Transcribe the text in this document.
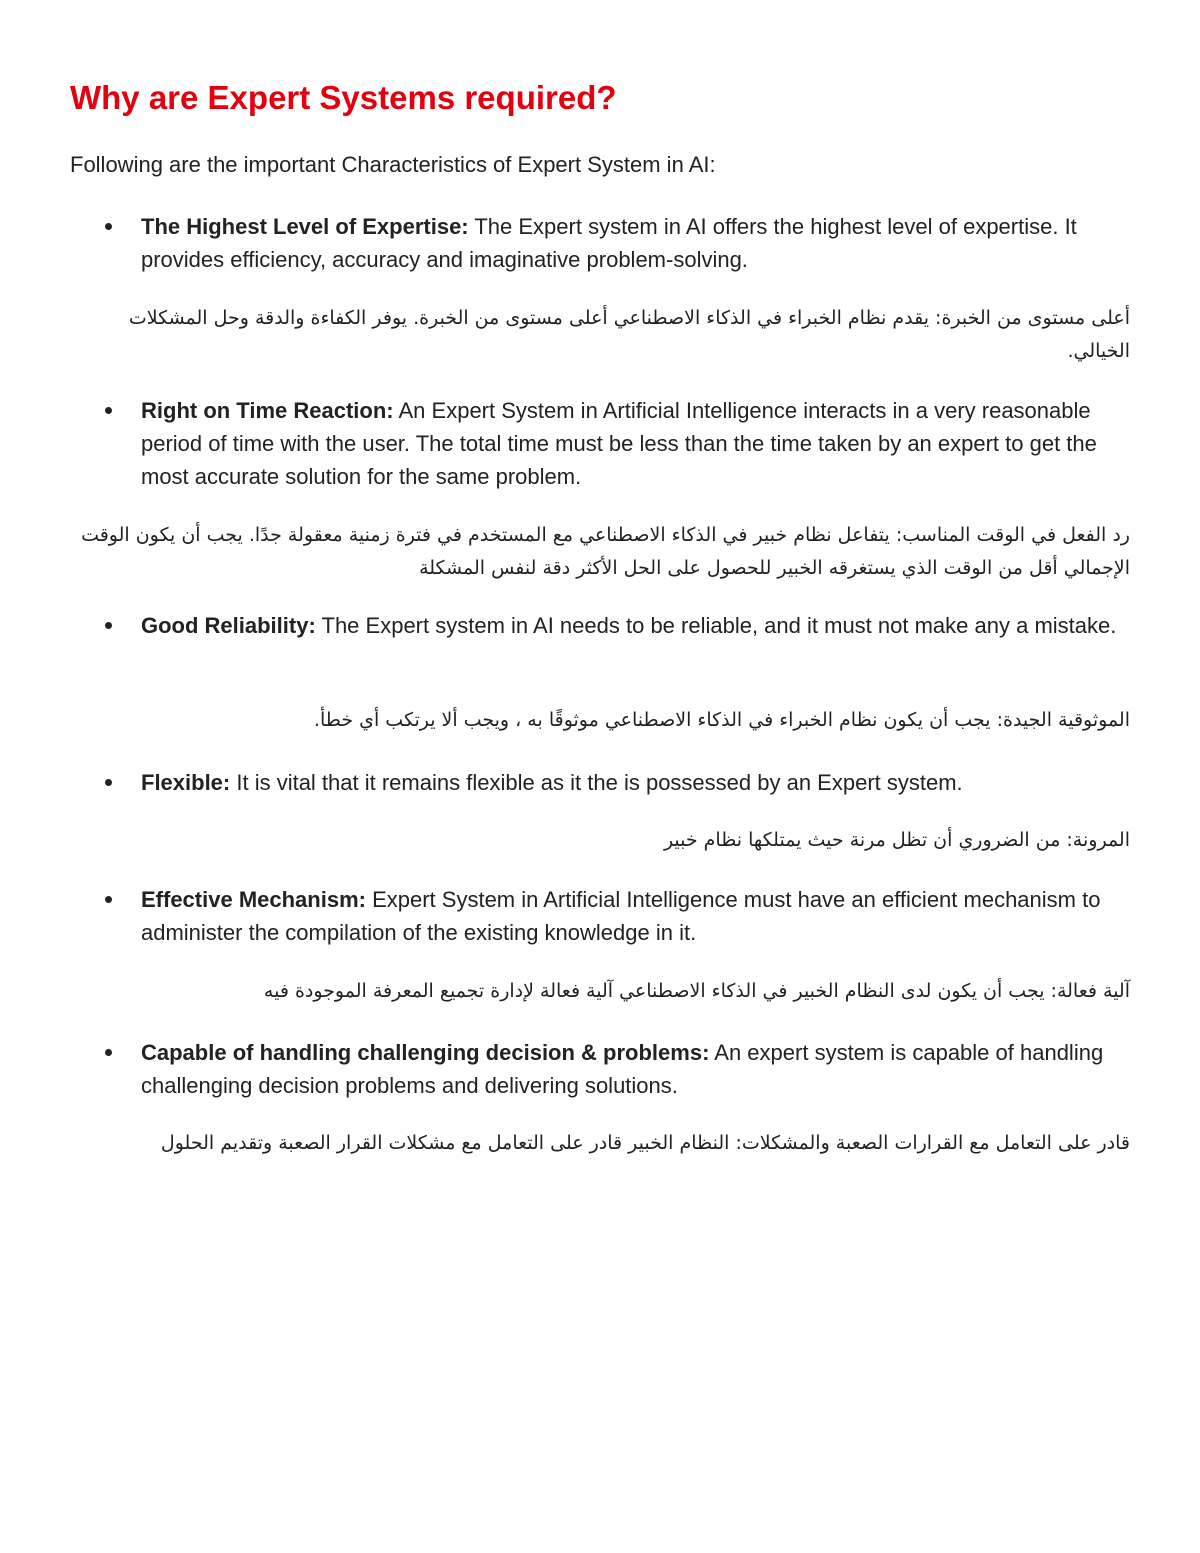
Why are Expert Systems required?

Following are the important Characteristics of Expert System in AI:

The Highest Level of Expertise: The Expert system in AI offers the highest level of expertise. It provides efficiency, accuracy and imaginative problem-solving.

أعلى مستوى من الخبرة: يقدم نظام الخبراء في الذكاء الاصطناعي أعلى مستوى من الخبرة. يوفر الكفاءة والدقة وحل المشكلات الخيالي.

Right on Time Reaction: An Expert System in Artificial Intelligence interacts in a very reasonable period of time with the user. The total time must be less than the time taken by an expert to get the most accurate solution for the same problem.

رد الفعل في الوقت المناسب: يتفاعل نظام خبير في الذكاء الاصطناعي مع المستخدم في فترة زمنية معقولة جدًا. يجب أن يكون الوقت الإجمالي أقل من الوقت الذي يستغرقه الخبير للحصول على الحل الأكثر دقة لنفس المشكلة

Good Reliability: The Expert system in AI needs to be reliable, and it must not make any a mistake.

الموثوقية الجيدة: يجب أن يكون نظام الخبراء في الذكاء الاصطناعي موثوقًا به ، ويجب ألا يرتكب أي خطأ.

Flexible: It is vital that it remains flexible as it the is possessed by an Expert system.

المرونة: من الضروري أن تظل مرنة حيث يمتلكها نظام خبير

Effective Mechanism: Expert System in Artificial Intelligence must have an efficient mechanism to administer the compilation of the existing knowledge in it.

آلية فعالة: يجب أن يكون لدى النظام الخبير في الذكاء الاصطناعي آلية فعالة لإدارة تجميع المعرفة الموجودة فيه

Capable of handling challenging decision & problems: An expert system is capable of handling challenging decision problems and delivering solutions.

قادر على التعامل مع القرارات الصعبة والمشكلات: النظام الخبير قادر على التعامل مع مشكلات القرار الصعبة وتقديم الحلول
